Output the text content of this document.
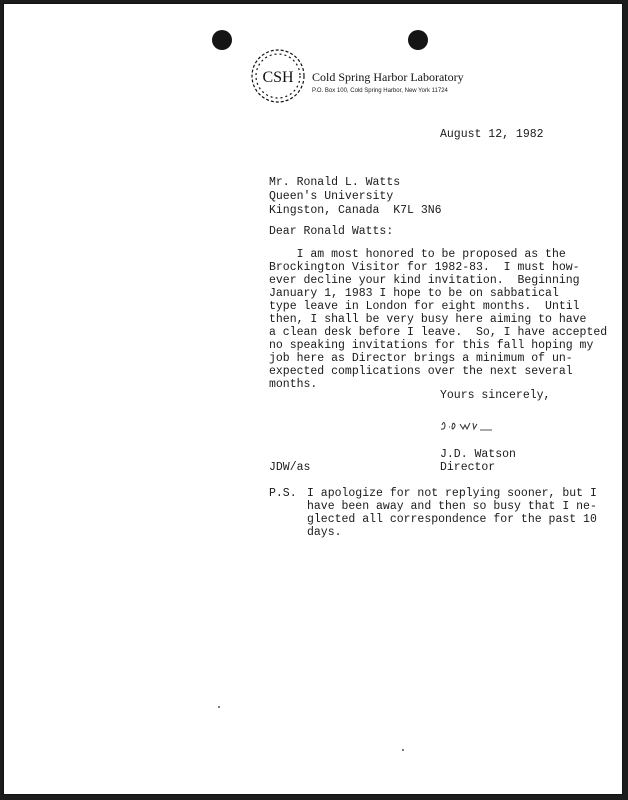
CSH Cold Spring Harbor Laboratory
P.O. Box 100, Cold Spring Harbor, New York 11724
August 12, 1982
Mr. Ronald L. Watts
Queen's University
Kingston, Canada  K7L 3N6
Dear Ronald Watts:
I am most honored to be proposed as the
Brockington Visitor for 1982-83.  I must how-
ever decline your kind invitation.  Beginning
January 1, 1983 I hope to be on sabbatical
type leave in London for eight months.  Until
then, I shall be very busy here aiming to have
a clean desk before I leave.  So, I have accepted
no speaking invitations for this fall hoping my
job here as Director brings a minimum of un-
expected complications over the next several
months.
Yours sincerely,
J.D. Watson
Director
JDW/as
P.S. I apologize for not replying sooner, but I
have been away and then so busy that I ne-
glected all correspondence for the past 10
days.
